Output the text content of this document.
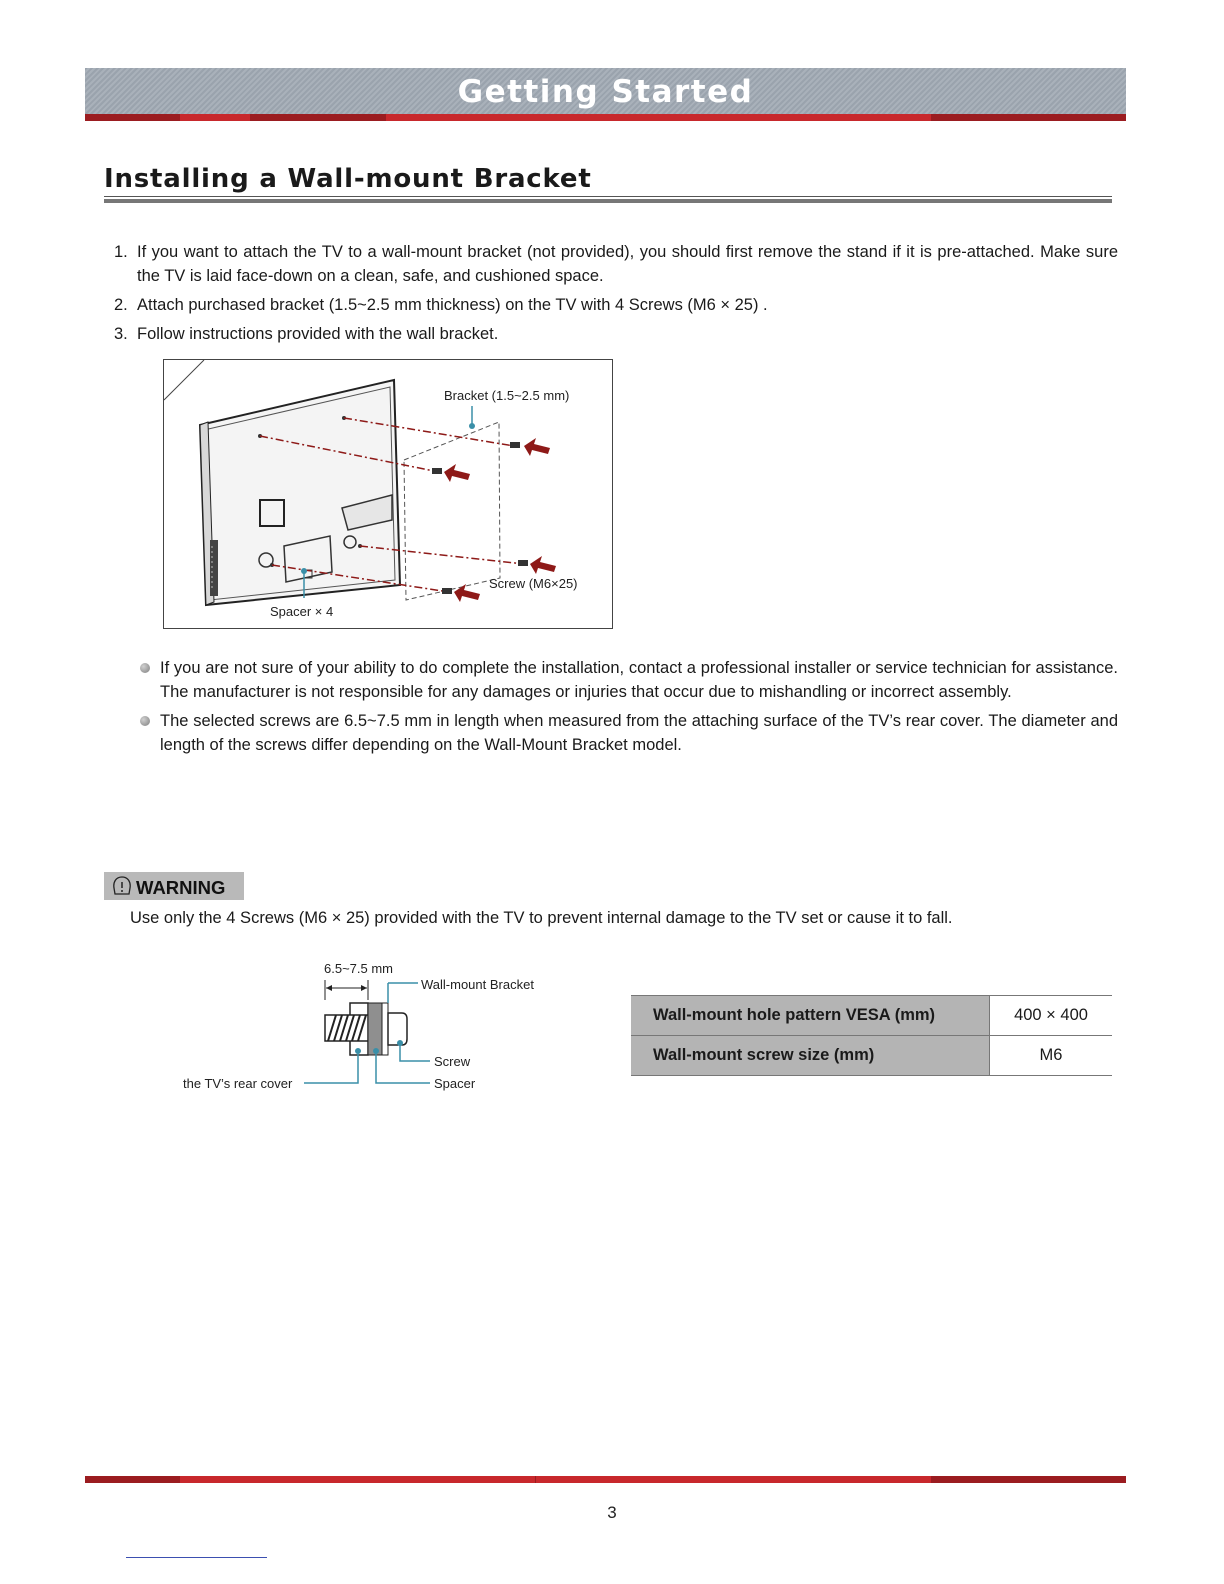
Getting Started
Installing a Wall-mount Bracket
1. If you want to attach the TV to a wall-mount bracket (not provided), you should first remove the stand if it is pre-attached. Make sure the TV is laid face-down on a clean, safe, and cushioned space.
2. Attach purchased bracket (1.5~2.5 mm thickness) on the TV with 4 Screws (M6 × 25) .
3. Follow instructions provided with the wall bracket.
Bracket (1.5~2.5 mm)
Screw (M6×25)
Spacer × 4
If you are not sure of your ability to do complete the installation, contact a professional installer or service technician for assistance. The manufacturer is not responsible for any damages or injuries that occur due to mishandling or incorrect assembly.
The selected screws are 6.5~7.5 mm in length when measured from the attaching surface of the TV’s rear cover. The diameter and length of the screws differ depending on the Wall-Mount Bracket model.
WARNING
Use only the 4 Screws (M6 × 25) provided with the TV to prevent internal damage to the TV set or cause it to fall.
6.5~7.5 mm
Wall-mount Bracket
Screw
Spacer
the TV’s rear cover
Wall-mount hole pattern VESA (mm)	400 × 400
Wall-mount screw size (mm)	M6
3
